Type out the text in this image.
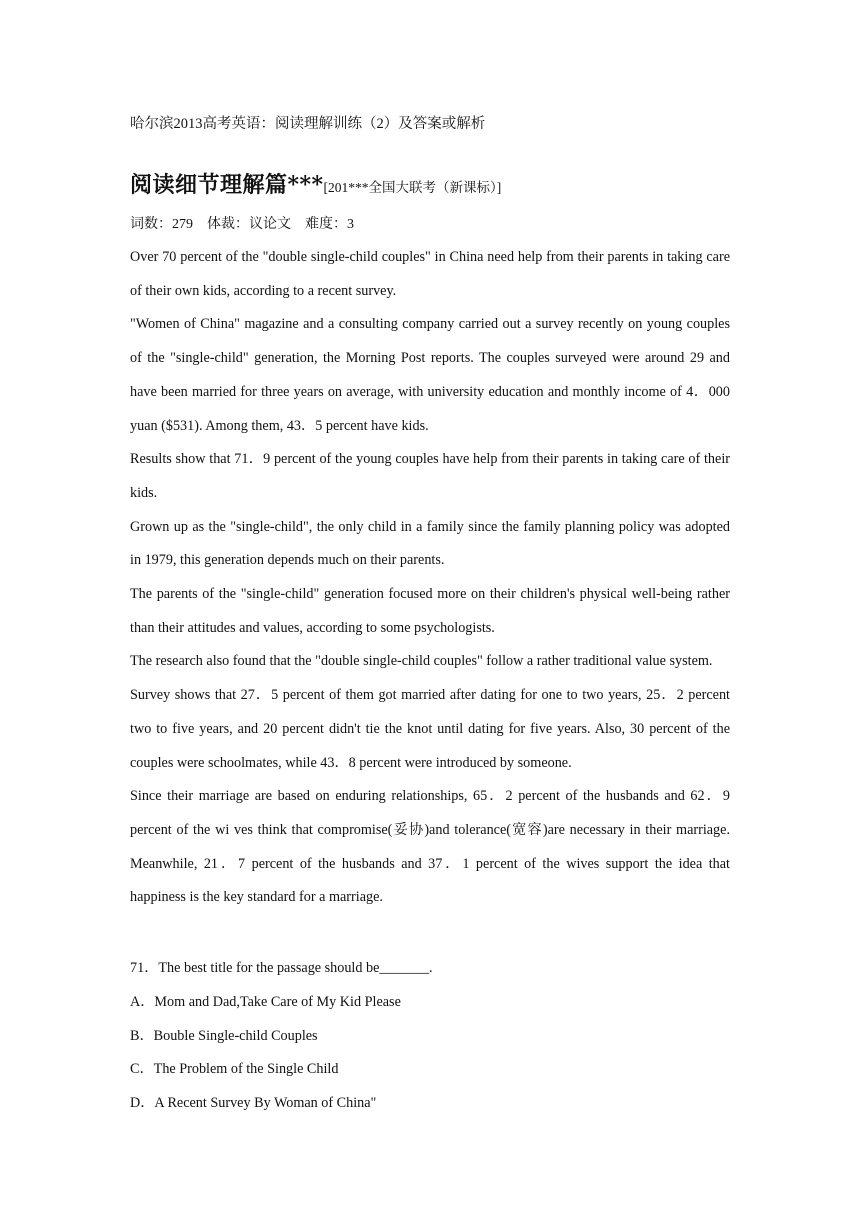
哈尔滨2013高考英语：阅读理解训练（2）及答案或解析
阅读细节理解篇***[201***全国大联考（新课标）]
词数：279　体裁：议论文　难度：3

Over 70 percent of the "double single-child couples" in China need help from their parents in taking care of their own kids, according to a recent survey.

"Women of China" magazine and a consulting company carried out a survey recently on young couples of the "single-child" generation, the Morning Post reports. The couples surveyed were around 29 and have been married for three years on average, with university education and monthly income of 4．000 yuan ($531). Among them, 43．5 percent have kids.

Results show that 71．9 percent of the young couples have help from their parents in taking care of their kids.

Grown up as the "single-child", the only child in a family since the family planning policy was adopted in 1979, this generation depends much on their parents.

The parents of the "single-child" generation focused more on their children's physical well-being rather than their attitudes and values, according to some psychologists.

The research also found that the "double single-child couples" follow a rather traditional value system.

Survey shows that 27．5 percent of them got married after dating for one to two years, 25．2 percent two to five years, and 20 percent didn't tie the knot until dating for five years. Also, 30 percent of the couples were schoolmates, while 43．8 percent were introduced by someone.

Since their marriage are based on enduring relationships, 65．2 percent of the husbands and 62．9 percent of the wi ves think that compromise(妥协)and tolerance(宽容)are necessary in their marriage. Meanwhile, 21．7 percent of the husbands and 37．1 percent of the wives support the idea that happiness is the key standard for a marriage.

71．The best title for the passage should be_______.
A．Mom and Dad,Take Care of My Kid Please
B．Bouble Single-child Couples
C．The Problem of the Single Child
D．A Recent Survey By Woman of China"
